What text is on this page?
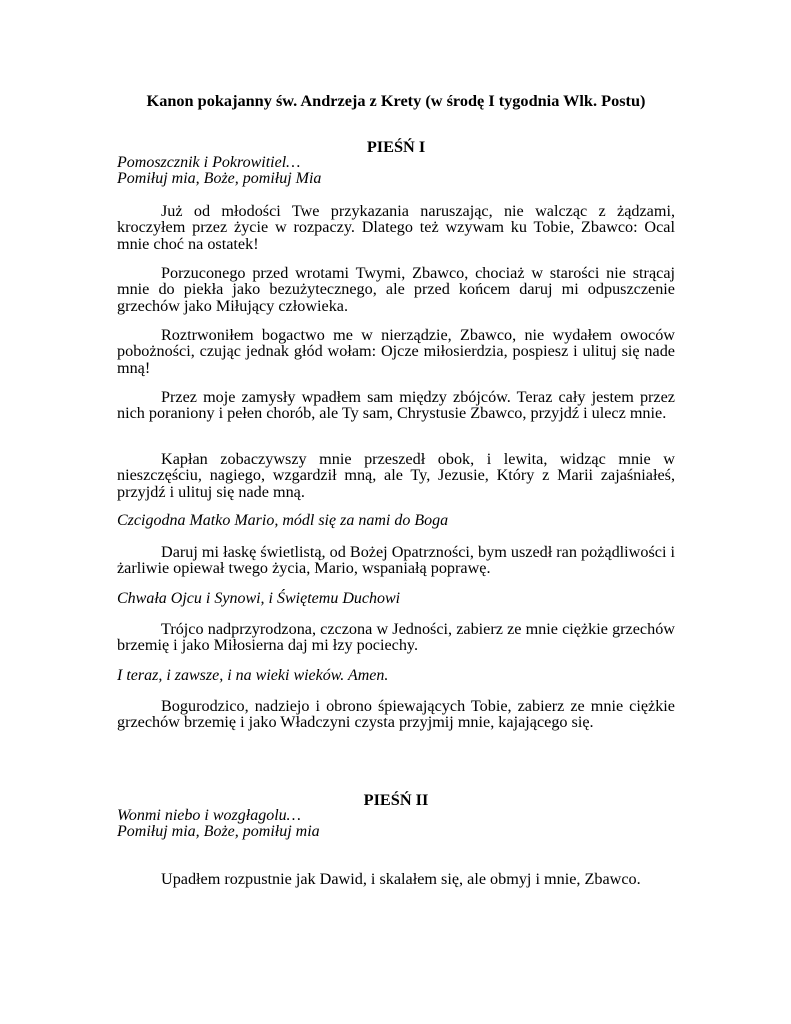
Kanon pokajanny św. Andrzeja z Krety (w środę I tygodnia Wlk. Postu)
PIEŚŃ I
Pomoszcznik i Pokrowitiel…
Pomiłuj mia, Boże, pomiłuj Mia
Już od młodości Twe przykazania naruszając, nie walcząc z żądzami, kroczyłem przez życie w rozpaczy. Dlatego też wzywam ku Tobie, Zbawco: Ocal mnie choć na ostatek!
Porzuconego przed wrotami Twymi, Zbawco, chociaż w starości nie strącaj mnie do piekła jako bezużytecznego, ale przed końcem daruj mi odpuszczenie grzechów jako Miłujący człowieka.
Roztrwoniłem bogactwo me w nierządzie, Zbawco, nie wydałem owoców pobożności, czując jednak głód wołam: Ojcze miłosierdzia, pospiesz i ulituj się nade mną!
Przez moje zamysły wpadłem sam między zbójców. Teraz cały jestem przez nich poraniony i pełen chorób, ale Ty sam, Chrystusie Zbawco, przyjdź i ulecz mnie.
Kapłan zobaczywszy mnie przeszedł obok, i lewita, widząc mnie w nieszczęściu, nagiego, wzgardził mną, ale Ty, Jezusie, Który z Marii zajaśniałeś, przyjdź i ulituj się nade mną.
Czcigodna Matko Mario, módl się za nami do Boga
Daruj mi łaskę świetlistą, od Bożej Opatrzności, bym uszedł ran pożądliwości i żarliwie opiewał twego życia, Mario, wspaniałą poprawę.
Chwała Ojcu i Synowi, i Świętemu Duchowi
Trójco nadprzyrodzona, czczona w Jedności, zabierz ze mnie ciężkie grzechów brzemię i jako Miłosierna daj mi łzy pociechy.
I teraz, i zawsze, i na wieki wieków. Amen.
Bogurodzico, nadziejo i obrono śpiewających Tobie, zabierz ze mnie ciężkie grzechów brzemię i jako Władczyni czysta przyjmij mnie, kajającego się.
PIEŚŃ II
Wonmi niebo i wozgłagolu…
Pomiłuj mia, Boże, pomiłuj mia
Upadłem rozpustnie jak Dawid, i skalałem się, ale obmyj i mnie, Zbawco.
